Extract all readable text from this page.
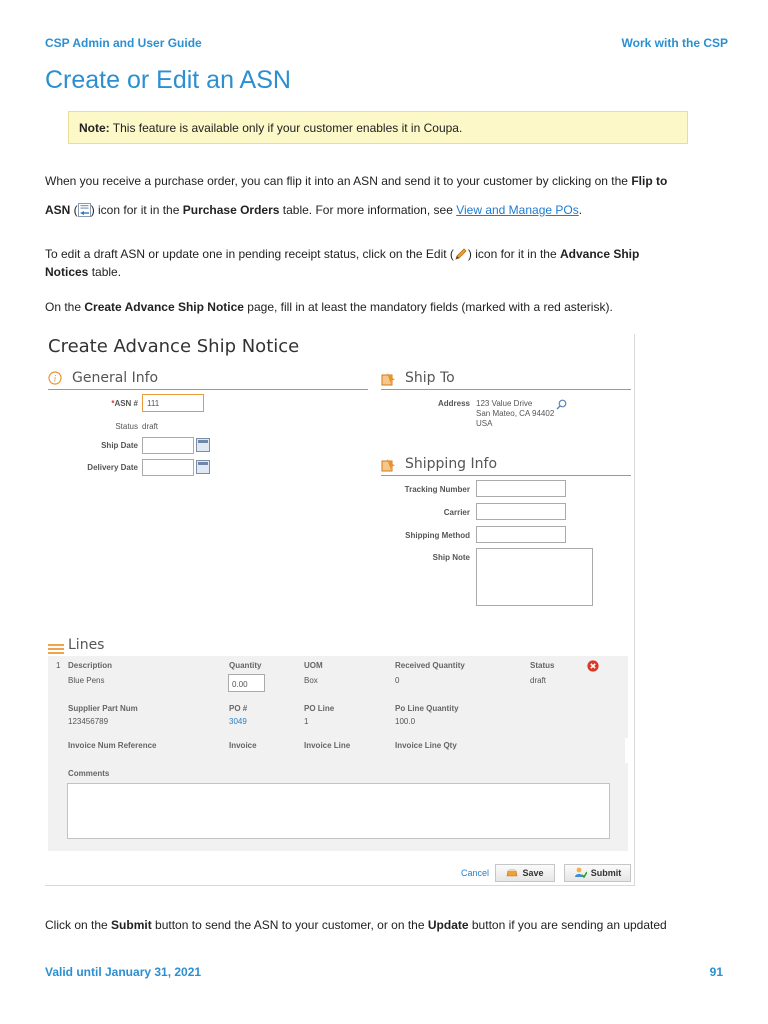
CSP Admin and User Guide	Work with the CSP
Create or Edit an ASN
Note: This feature is available only if your customer enables it in Coupa.
When you receive a purchase order, you can flip it into an ASN and send it to your customer by clicking on the Flip to
ASN ( ) icon for it in the Purchase Orders table. For more information, see View and Manage POs.
To edit a draft ASN or update one in pending receipt status, click on the Edit ( ) icon for it in the Advance Ship
Notices table.
On the Create Advance Ship Notice page, fill in at least the mandatory fields (marked with a red asterisk).
Create Advance Ship Notice
i General Info
*ASN # 111
Status draft
Ship Date
Delivery Date
Ship To
Address 123 Value Drive
San Mateo, CA 94402
USA
Shipping Info
Tracking Number
Carrier
Shipping Method
Ship Note
Lines
1 Description	Quantity	UOM	Received Quantity	Status
Blue Pens	0.00	Box	0	draft
Supplier Part Num	PO #	PO Line	Po Line Quantity
123456789	3049	1	100.0
Invoice Num Reference	Invoice	Invoice Line	Invoice Line Qty
Comments
Cancel	Save	Submit
Click on the Submit button to send the ASN to your customer, or on the Update button if you are sending an updated
Valid until January 31, 2021	91
